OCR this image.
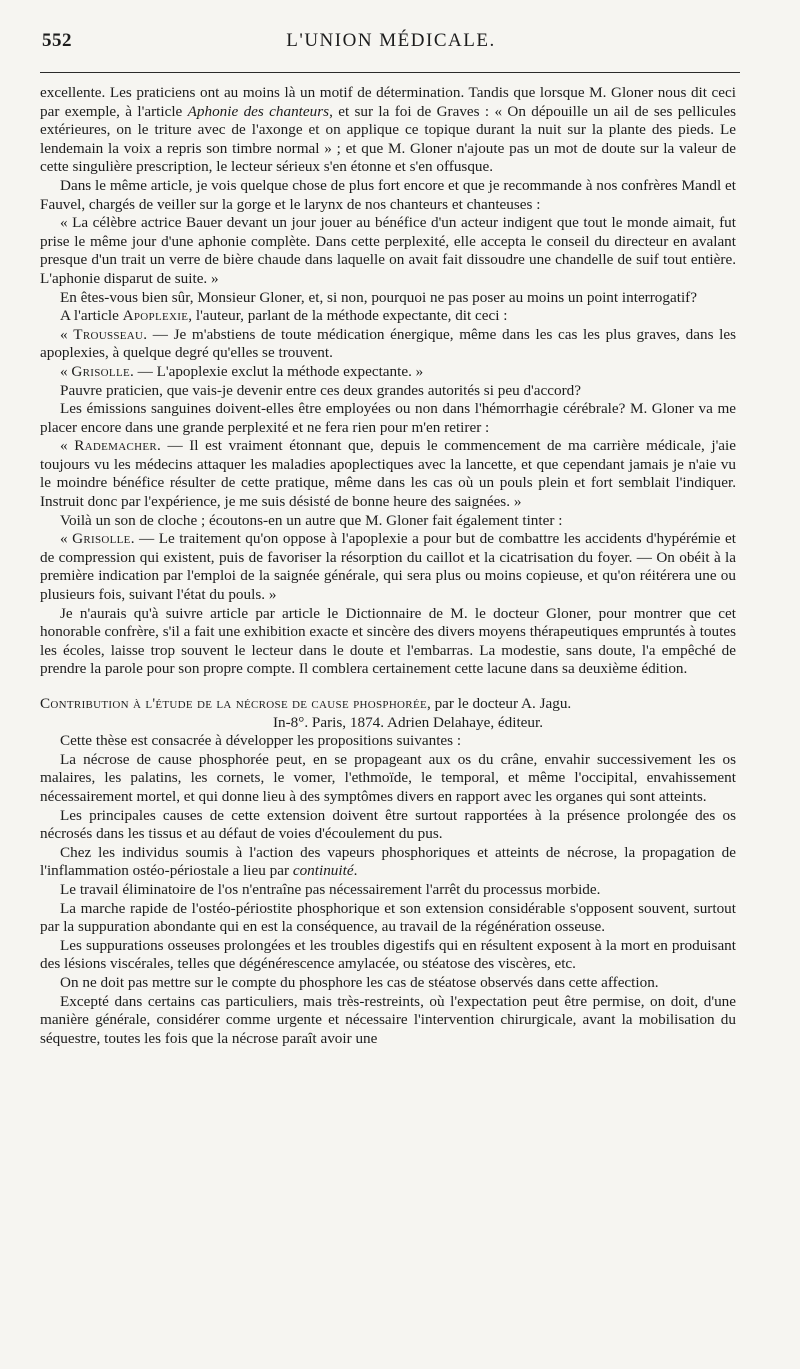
552	L'UNION MÉDICALE.

excellente. Les praticiens ont au moins là un motif de détermination. Tandis que lorsque M. Gloner nous dit ceci par exemple, à l'article Aphonie des chanteurs, et sur la foi de Graves : « On dépouille un ail de ses pellicules extérieures, on le triture avec de l'axonge et on applique ce topique durant la nuit sur la plante des pieds. Le lendemain la voix a repris son timbre normal » ; et que M. Gloner n'ajoute pas un mot de doute sur la valeur de cette singulière prescription, le lecteur sérieux s'en étonne et s'en offusque.

Dans le même article, je vois quelque chose de plus fort encore et que je recommande à nos confrères Mandl et Fauvel, chargés de veiller sur la gorge et le larynx de nos chanteurs et chanteuses :

« La célèbre actrice Bauer devant un jour jouer au bénéfice d'un acteur indigent que tout le monde aimait, fut prise le même jour d'une aphonie complète. Dans cette perplexité, elle accepta le conseil du directeur en avalant presque d'un trait un verre de bière chaude dans laquelle on avait fait dissoudre une chandelle de suif tout entière. L'aphonie disparut de suite. »

En êtes-vous bien sûr, Monsieur Gloner, et, si non, pourquoi ne pas poser au moins un point interrogatif?

A l'article Apoplexie, l'auteur, parlant de la méthode expectante, dit ceci :

« Trousseau. — Je m'abstiens de toute médication énergique, même dans les cas les plus graves, dans les apoplexies, à quelque degré qu'elles se trouvent.

« Grisolle. — L'apoplexie exclut la méthode expectante. »

Pauvre praticien, que vais-je devenir entre ces deux grandes autorités si peu d'accord?

Les émissions sanguines doivent-elles être employées ou non dans l'hémorrhagie cérébrale? M. Gloner va me placer encore dans une grande perplexité et ne fera rien pour m'en retirer :

« Rademacher. — Il est vraiment étonnant que, depuis le commencement de ma carrière médicale, j'aie toujours vu les médecins attaquer les maladies apoplectiques avec la lancette, et que cependant jamais je n'aie vu le moindre bénéfice résulter de cette pratique, même dans les cas où un pouls plein et fort semblait l'indiquer. Instruit donc par l'expérience, je me suis désisté de bonne heure des saignées. »

Voilà un son de cloche ; écoutons-en un autre que M. Gloner fait également tinter :

« Grisolle. — Le traitement qu'on oppose à l'apoplexie a pour but de combattre les accidents d'hypérémie et de compression qui existent, puis de favoriser la résorption du caillot et la cicatrisation du foyer. — On obéit à la première indication par l'emploi de la saignée générale, qui sera plus ou moins copieuse, et qu'on réitérera une ou plusieurs fois, suivant l'état du pouls. »

Je n'aurais qu'à suivre article par article le Dictionnaire de M. le docteur Gloner, pour montrer que cet honorable confrère, s'il a fait une exhibition exacte et sincère des divers moyens thérapeutiques empruntés à toutes les écoles, laisse trop souvent le lecteur dans le doute et l'embarras. La modestie, sans doute, l'a empêché de prendre la parole pour son propre compte. Il comblera certainement cette lacune dans sa deuxième édition.

Contribution à l'étude de la nécrose de cause phosphorée, par le docteur A. Jagu.

In-8°. Paris, 1874. Adrien Delahaye, éditeur.

Cette thèse est consacrée à développer les propositions suivantes :

La nécrose de cause phosphorée peut, en se propageant aux os du crâne, envahir successivement les os malaires, les palatins, les cornets, le vomer, l'ethmoïde, le temporal, et même l'occipital, envahissement nécessairement mortel, et qui donne lieu à des symptômes divers en rapport avec les organes qui sont atteints.

Les principales causes de cette extension doivent être surtout rapportées à la présence prolongée des os nécrosés dans les tissus et au défaut de voies d'écoulement du pus.

Chez les individus soumis à l'action des vapeurs phosphoriques et atteints de nécrose, la propagation de l'inflammation ostéo-périostale a lieu par continuité.

Le travail éliminatoire de l'os n'entraîne pas nécessairement l'arrêt du processus morbide.

La marche rapide de l'ostéo-périostite phosphorique et son extension considérable s'opposent souvent, surtout par la suppuration abondante qui en est la conséquence, au travail de la régénération osseuse.

Les suppurations osseuses prolongées et les troubles digestifs qui en résultent exposent à la mort en produisant des lésions viscérales, telles que dégénérescence amylacée, ou stéatose des viscères, etc.

On ne doit pas mettre sur le compte du phosphore les cas de stéatose observés dans cette affection.

Excepté dans certains cas particuliers, mais très-restreints, où l'expectation peut être permise, on doit, d'une manière générale, considérer comme urgente et nécessaire l'intervention chirurgicale, avant la mobilisation du séquestre, toutes les fois que la nécrose paraît avoir une
